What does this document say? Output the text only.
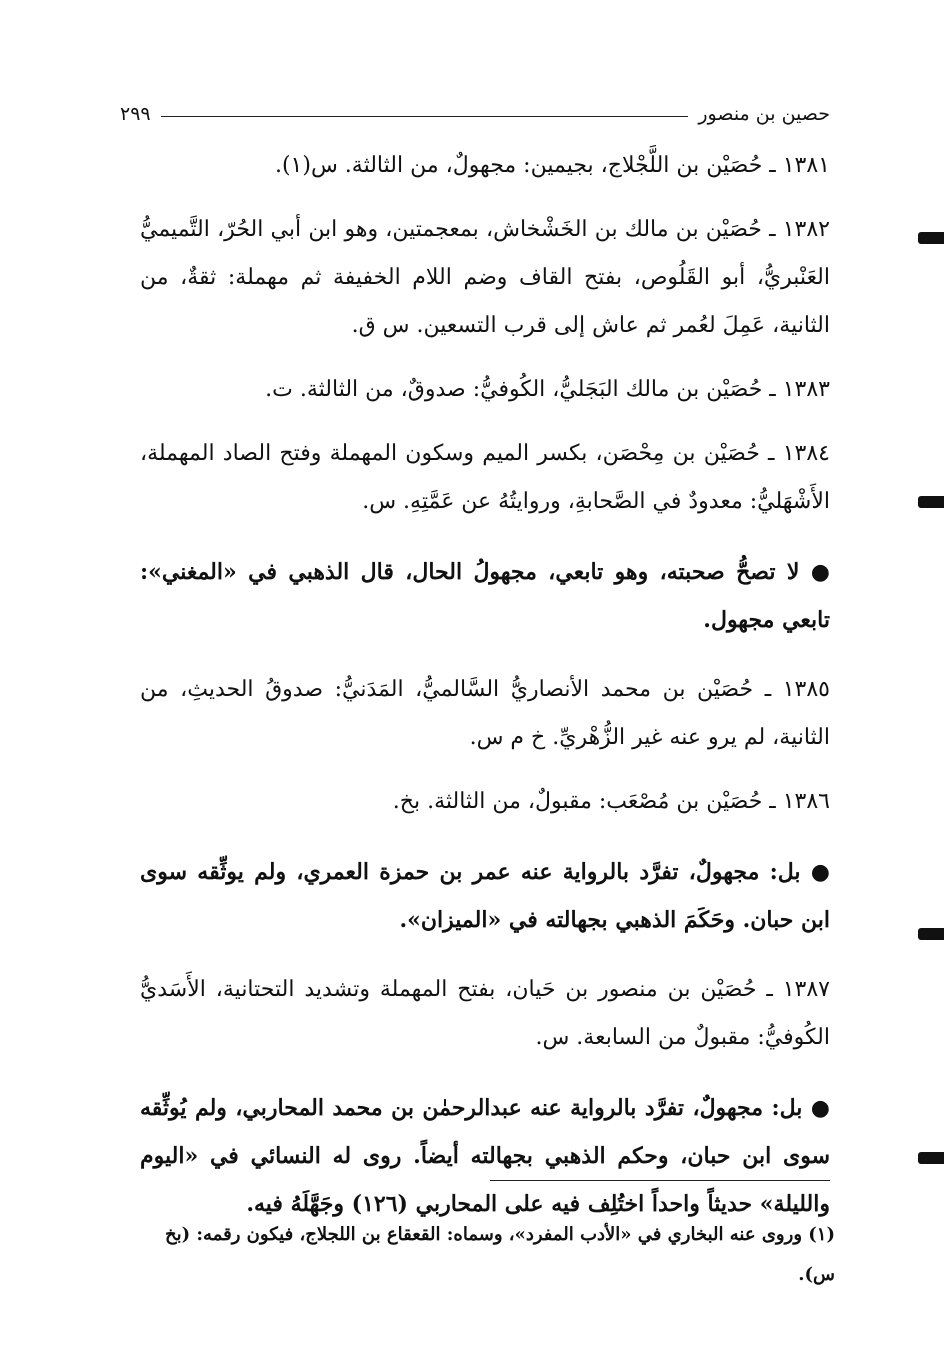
حصين بن منصور
٢٩٩

١٣٨١ ـ حُصَيْن بن اللَّجْلاج، بجيمين: مجهولٌ، من الثالثة. س(١).

١٣٨٢ ـ حُصَيْن بن مالك بن الخَشْخاش، بمعجمتين، وهو ابن أبي الحُرّ، التَّميميُّ العَنْبريُّ، أبو القَلُوص، بفتح القاف وضم اللام الخفيفة ثم مهملة: ثقةٌ، من الثانية، عَمِلَ لعُمر ثم عاش إلى قرب التسعين. س ق.

١٣٨٣ ـ حُصَيْن بن مالك البَجَليُّ، الكُوفيُّ: صدوقٌ، من الثالثة. ت.

١٣٨٤ ـ حُصَيْن بن مِحْصَن، بكسر الميم وسكون المهملة وفتح الصاد المهملة، الأَشْهَليُّ: معدودٌ في الصَّحابةِ، وروايتُهُ عن عَمَّتِهِ. س.

● لا تصحُّ صحبته، وهو تابعي، مجهولُ الحال، قال الذهبي في «المغني»: تابعي مجهول.

١٣٨٥ ـ حُصَيْن بن محمد الأنصاريُّ السَّالميُّ، المَدَنيُّ: صدوقُ الحديثِ، من الثانية، لم يرو عنه غير الزُّهْريِّ. خ م س.

١٣٨٦ ـ حُصَيْن بن مُصْعَب: مقبولٌ، من الثالثة. بخ.

● بل: مجهولٌ، تفرَّد بالرواية عنه عمر بن حمزة العمري، ولم يوثِّقه سوى ابن حبان. وحَكَمَ الذهبي بجهالته في «الميزان».

١٣٨٧ ـ حُصَيْن بن منصور بن حَيان، بفتح المهملة وتشديد التحتانية، الأَسَديُّ الكُوفيُّ: مقبولٌ من السابعة. س.

● بل: مجهولٌ، تفرَّد بالرواية عنه عبدالرحمٰن بن محمد المحاربي، ولم يُوثِّقه سوى ابن حبان، وحكم الذهبي بجهالته أيضاً. روى له النسائي في «اليوم والليلة» حديثاً واحداً اختُلِف فيه على المحاربي (١٢٦) وجَهَّلَهُ فيه.

(١) وروى عنه البخاري في «الأدب المفرد»، وسماه: القعقاع بن اللجلاج، فيكون رقمه: (بخ س).
